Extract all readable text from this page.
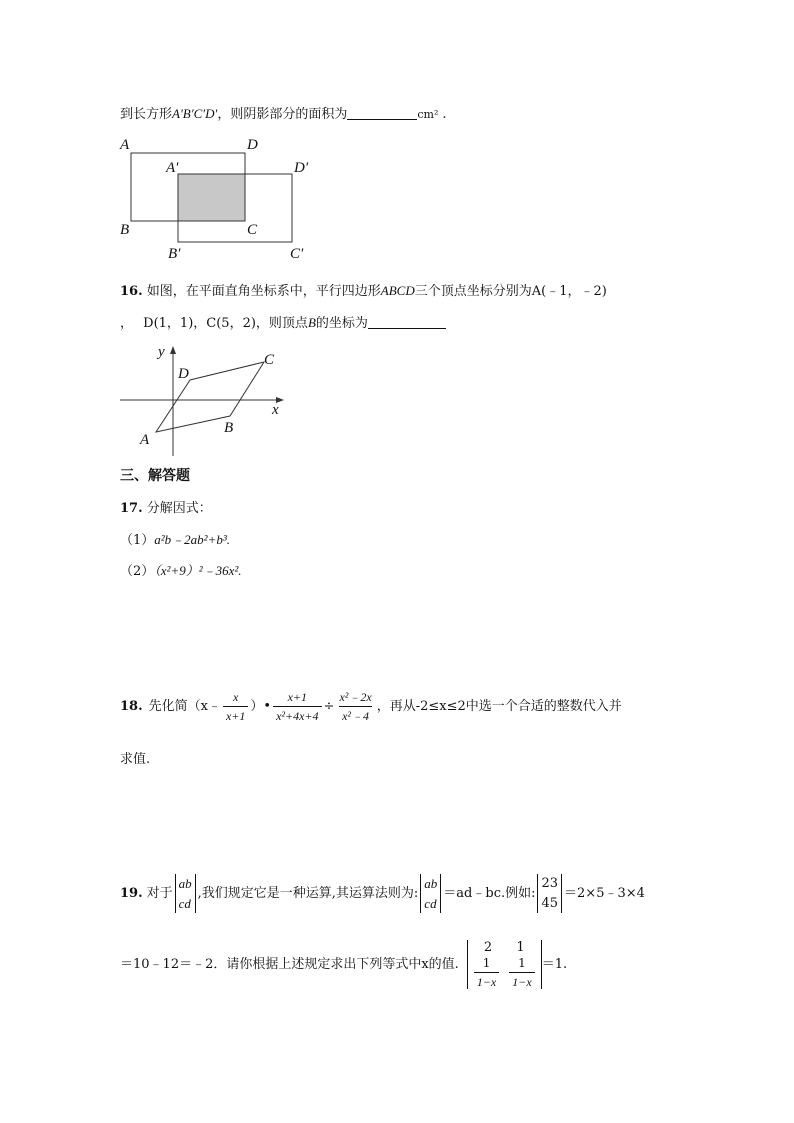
到长方形A′B′C′D′，则阴影部分的面积为	cm² .
A	D
A′	D′
B	C
B′	C′
16. 如图，在平面直角坐标系中，平行四边形ABCD三个顶点坐标分别为A(﹣1，﹣2)
， D(1，1)，C(5，2)，则顶点B的坐标为
y
x
A
B
C
D
三、解答题
17. 分解因式：
（1）a²b﹣2ab²+b³.
（2）（x²+9）²﹣36x².
18. 先化简（x﹣ $\frac{x}{x+1}$ ）• $\frac{x+1}{\text{x²+4x+4}} \div \frac{\text{x²﹣2x}}{\text{x²﹣4}}$ ，再从-2≤x≤2中选一个合适的整数代入并
求值.
19. 对于
ab
cd
,我们规定它是一种运算,其运算法则为:
ab
cd
＝ad﹣bc.例如:
23
45
＝2×5﹣3×4
＝10﹣12＝﹣2．请你根据上述规定求出下列等式中x的值.
2 1
$\frac{1}{1-x} \frac{1}{1-x} =1$.
